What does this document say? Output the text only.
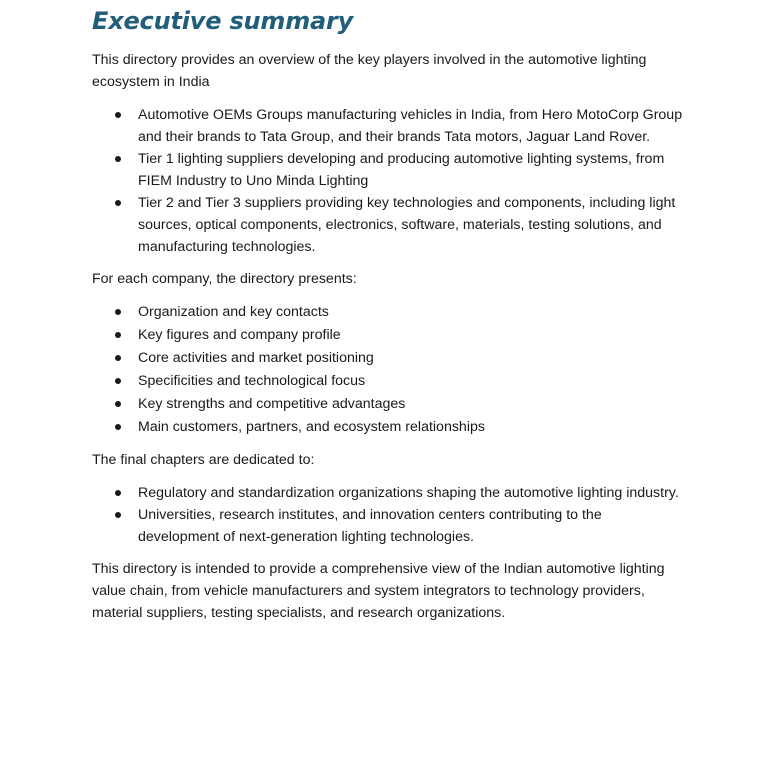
Executive summary

This directory provides an overview of the key players involved in the automotive lighting ecosystem in India

Automotive OEMs Groups manufacturing vehicles in India, from Hero MotoCorp Group and their brands to Tata Group, and their brands Tata motors, Jaguar Land Rover.
Tier 1 lighting suppliers developing and producing automotive lighting systems, from FIEM Industry to Uno Minda Lighting
Tier 2 and Tier 3 suppliers providing key technologies and components, including light sources, optical components, electronics, software, materials, testing solutions, and manufacturing technologies.

For each company, the directory presents:

Organization and key contacts
Key figures and company profile
Core activities and market positioning
Specificities and technological focus
Key strengths and competitive advantages
Main customers, partners, and ecosystem relationships

The final chapters are dedicated to:

Regulatory and standardization organizations shaping the automotive lighting industry.
Universities, research institutes, and innovation centers contributing to the development of next-generation lighting technologies.

This directory is intended to provide a comprehensive view of the Indian automotive lighting value chain, from vehicle manufacturers and system integrators to technology providers, material suppliers, testing specialists, and research organizations.
